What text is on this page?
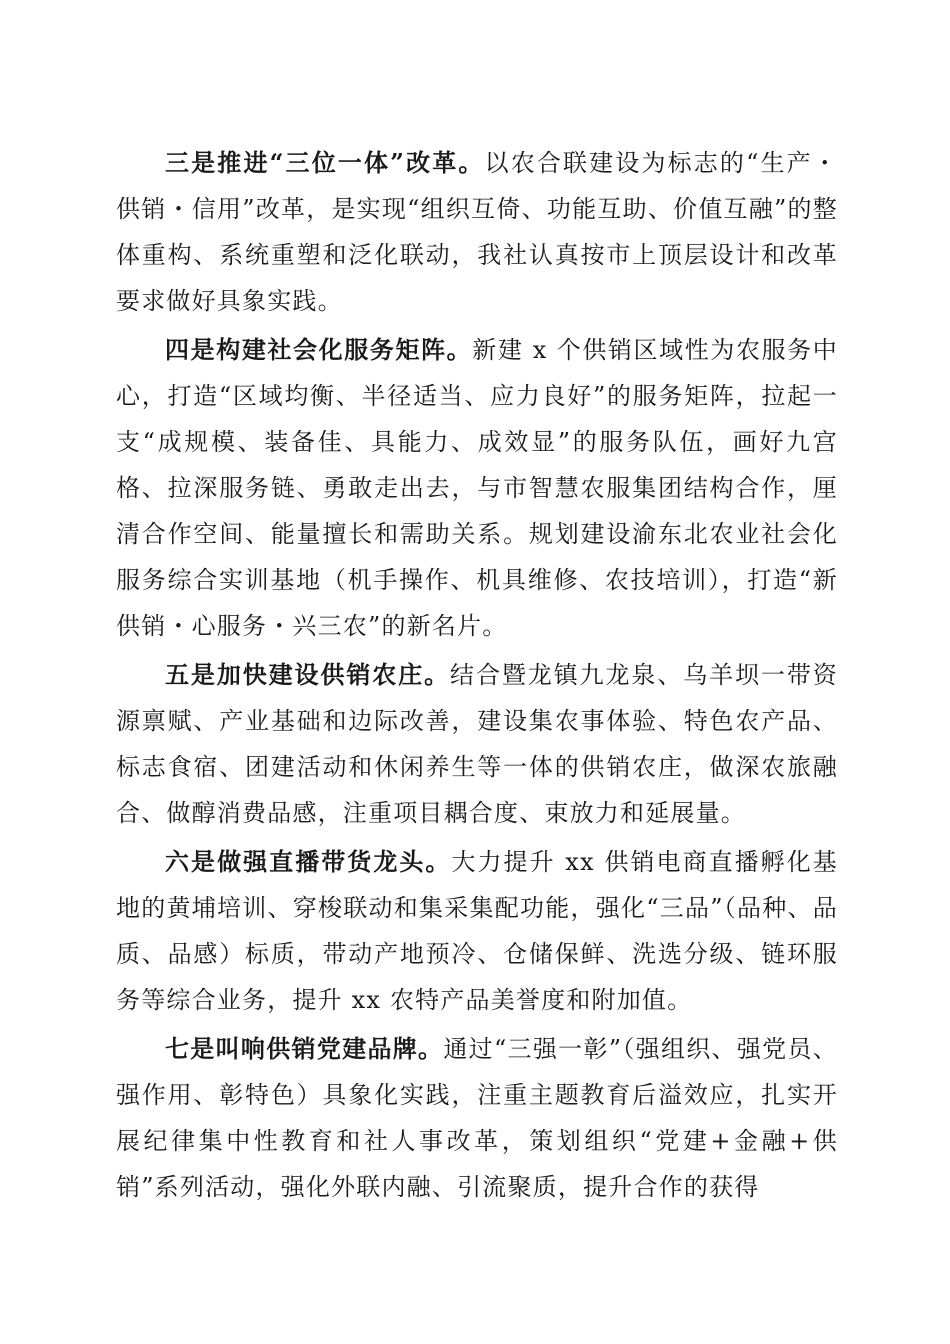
三是推进“三位一体”改革。以农合联建设为标志的“生产・供销・信用”改革，是实现“组织互倚、功能互助、价值互融”的整体重构、系统重塑和泛化联动，我社认真按市上顶层设计和改革要求做好具象实践。

四是构建社会化服务矩阵。新建 x 个供销区域性为农服务中心，打造“区域均衡、半径适当、应力良好”的服务矩阵，拉起一支“成规模、装备佳、具能力、成效显”的服务队伍，画好九宫格、拉深服务链、勇敢走出去，与市智慧农服集团结构合作，厘清合作空间、能量擅长和需助关系。规划建设渝东北农业社会化服务综合实训基地（机手操作、机具维修、农技培训），打造“新供销・心服务・兴三农”的新名片。

五是加快建设供销农庄。结合暨龙镇九龙泉、乌羊坝一带资源禀赋、产业基础和边际改善，建设集农事体验、特色农产品、标志食宿、团建活动和休闲养生等一体的供销农庄，做深农旅融合、做醇消费品感，注重项目耦合度、束放力和延展量。

六是做强直播带货龙头。大力提升 xx 供销电商直播孵化基地的黄埔培训、穿梭联动和集采集配功能，强化“三品”（品种、品质、品感）标质，带动产地预冷、仓储保鲜、洗选分级、链环服务等综合业务，提升 xx 农特产品美誉度和附加值。

七是叫响供销党建品牌。通过“三强一彰”（强组织、强党员、强作用、彰特色）具象化实践，注重主题教育后溢效应，扎实开展纪律集中性教育和社人事改革，策划组织“党建+金融+供销”系列活动，强化外联内融、引流聚质，提升合作的获得
